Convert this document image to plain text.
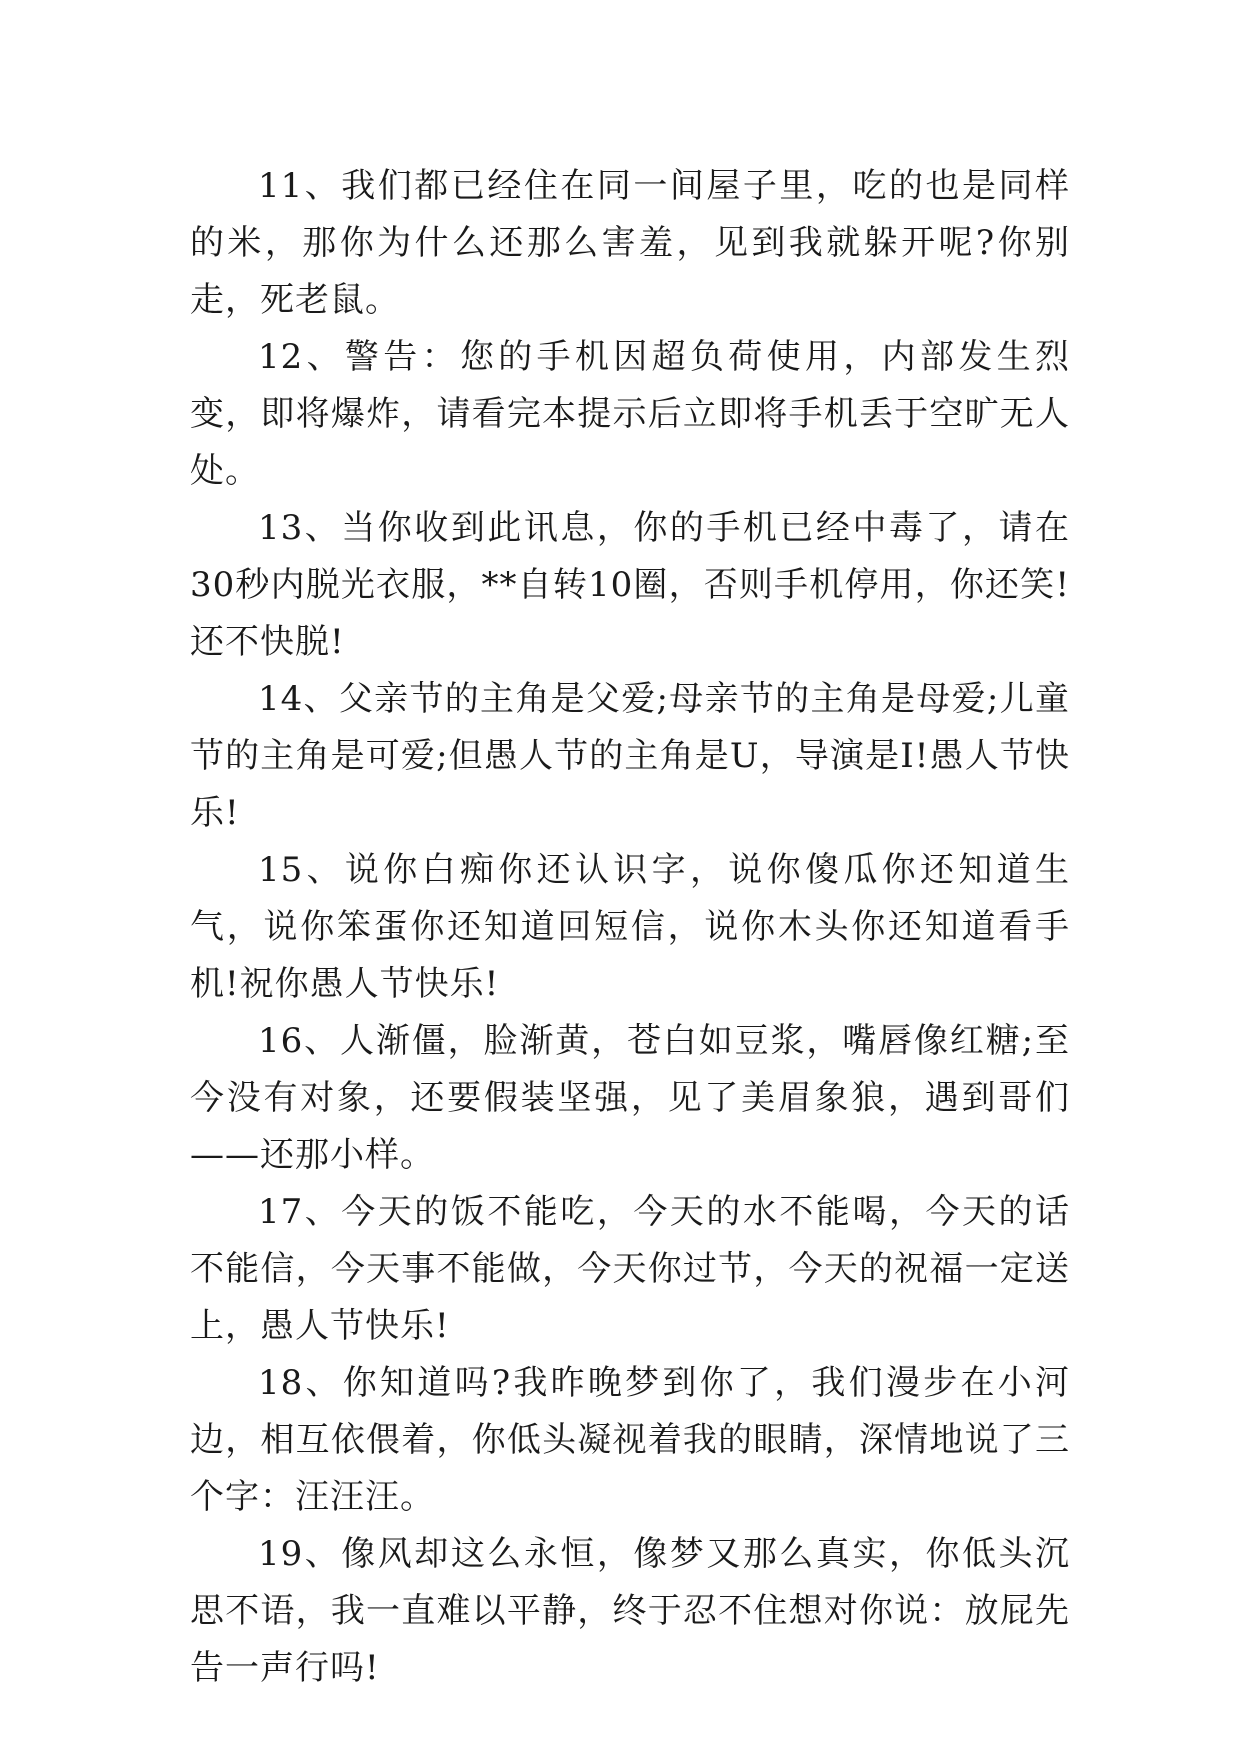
11、我们都已经住在同一间屋子里，吃的也是同样的米，那你为什么还那么害羞，见到我就躲开呢?你别走，死老鼠。

12、警告：您的手机因超负荷使用，内部发生烈变，即将爆炸，请看完本提示后立即将手机丢于空旷无人处。

13、当你收到此讯息，你的手机已经中毒了，请在30秒内脱光衣服，**自转10圈，否则手机停用，你还笑!还不快脱!

14、父亲节的主角是父爱;母亲节的主角是母爱;儿童节的主角是可爱;但愚人节的主角是U，导演是I!愚人节快乐!

15、说你白痴你还认识字，说你傻瓜你还知道生气，说你笨蛋你还知道回短信，说你木头你还知道看手机!祝你愚人节快乐!

16、人渐僵，脸渐黄，苍白如豆浆，嘴唇像红糖;至今没有对象，还要假装坚强，见了美眉象狼，遇到哥们——还那小样。

17、今天的饭不能吃，今天的水不能喝，今天的话不能信，今天事不能做，今天你过节，今天的祝福一定送上，愚人节快乐!

18、你知道吗?我昨晚梦到你了，我们漫步在小河边，相互依偎着，你低头凝视着我的眼睛，深情地说了三个字：汪汪汪。

19、像风却这么永恒，像梦又那么真实，你低头沉思不语，我一直难以平静，终于忍不住想对你说：放屁先告一声行吗!
